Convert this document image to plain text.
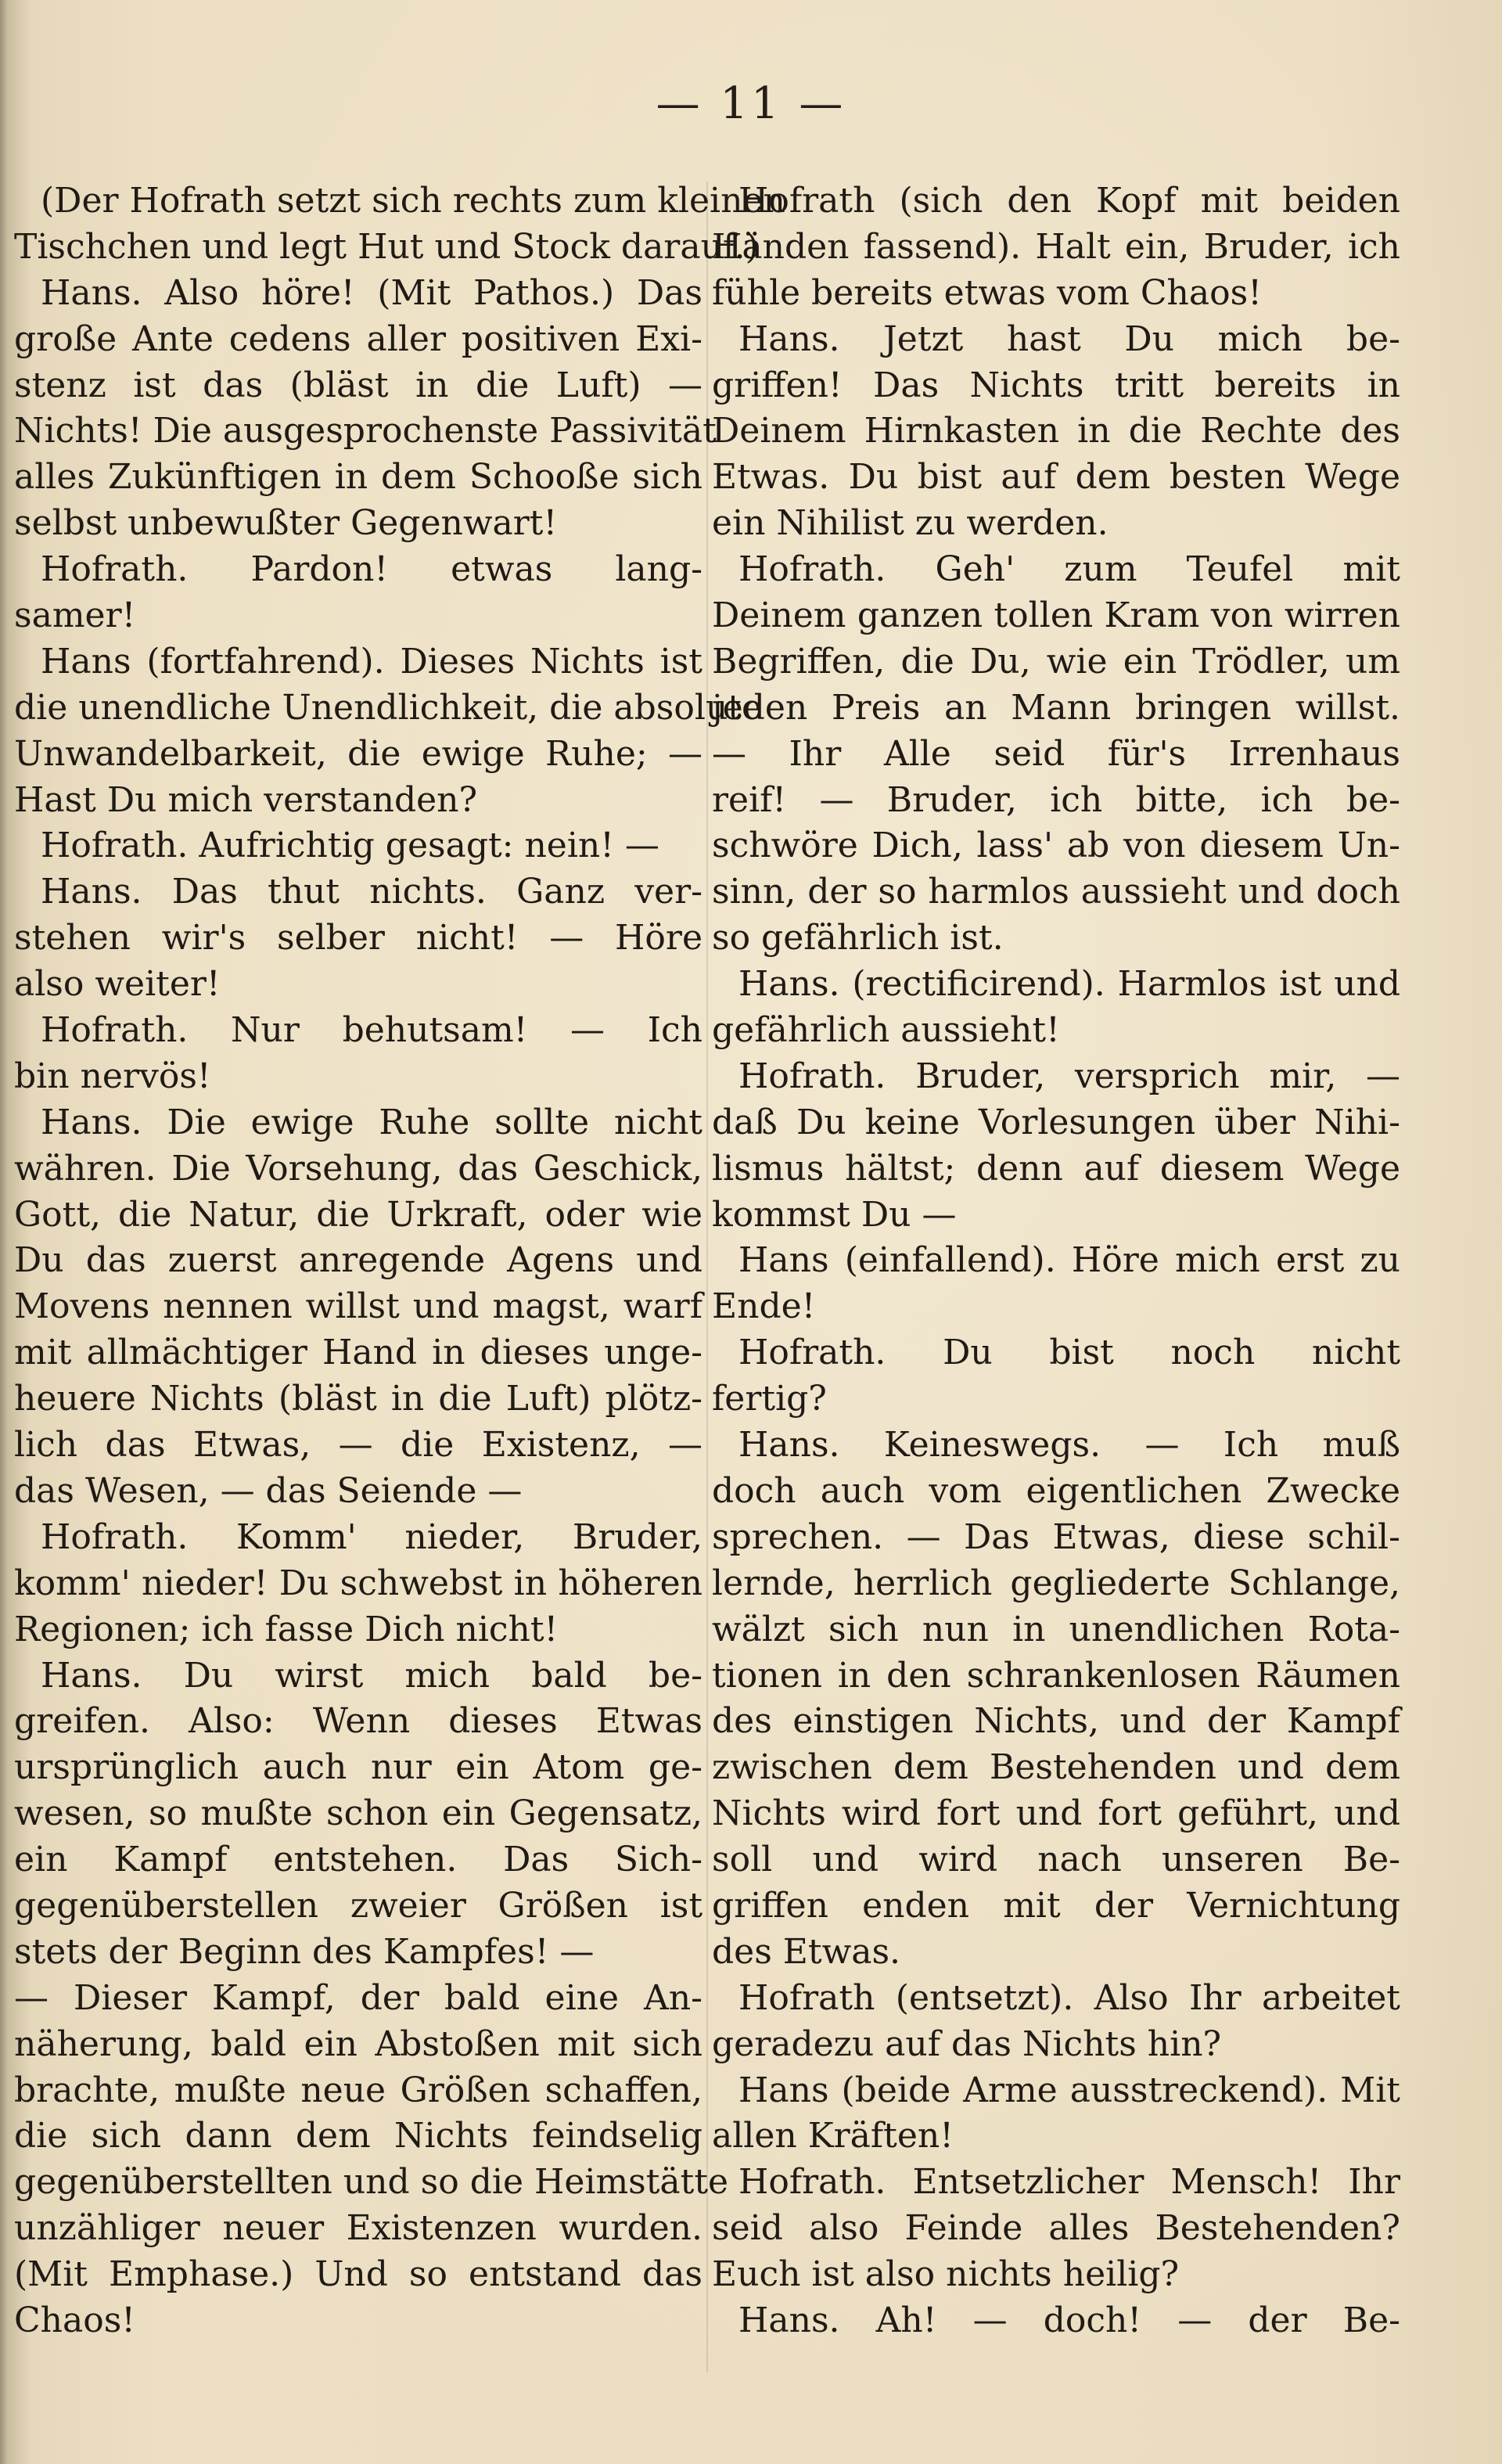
— 11 —
(Der Hofrath setzt sich rechts zum kleinen
Tischchen und legt Hut und Stock darauf.)
Hans. Also höre! (Mit Pathos.) Das
große Ante cedens aller positiven Exi-
stenz ist das (bläst in die Luft) —
Nichts! Die ausgesprochenste Passivität
alles Zukünftigen in dem Schooße sich
selbst unbewußter Gegenwart!
Hofrath. Pardon! etwas lang-
samer!
Hans (fortfahrend). Dieses Nichts ist
die unendliche Unendlichkeit, die absolute
Unwandelbarkeit, die ewige Ruhe; —
Hast Du mich verstanden?
Hofrath. Aufrichtig gesagt: nein! —
Hans. Das thut nichts. Ganz ver-
stehen wir's selber nicht! — Höre
also weiter!
Hofrath. Nur behutsam! — Ich
bin nervös!
Hans. Die ewige Ruhe sollte nicht
währen. Die Vorsehung, das Geschick,
Gott, die Natur, die Urkraft, oder wie
Du das zuerst anregende Agens und
Movens nennen willst und magst, warf
mit allmächtiger Hand in dieses unge-
heuere Nichts (bläst in die Luft) plötz-
lich das Etwas, — die Existenz, —
das Wesen, — das Seiende —
Hofrath. Komm' nieder, Bruder,
komm' nieder! Du schwebst in höheren
Regionen; ich fasse Dich nicht!
Hans. Du wirst mich bald be-
greifen. Also: Wenn dieses Etwas
ursprünglich auch nur ein Atom ge-
wesen, so mußte schon ein Gegensatz,
ein Kampf entstehen. Das Sich-
gegenüberstellen zweier Größen ist
stets der Beginn des Kampfes! —
— Dieser Kampf, der bald eine An-
näherung, bald ein Abstoßen mit sich
brachte, mußte neue Größen schaffen,
die sich dann dem Nichts feindselig
gegenüberstellten und so die Heimstätte
unzähliger neuer Existenzen wurden.
(Mit Emphase.) Und so entstand das
Chaos!
Hofrath (sich den Kopf mit beiden
Händen fassend). Halt ein, Bruder, ich
fühle bereits etwas vom Chaos!
Hans. Jetzt hast Du mich be-
griffen! Das Nichts tritt bereits in
Deinem Hirnkasten in die Rechte des
Etwas. Du bist auf dem besten Wege
ein Nihilist zu werden.
Hofrath. Geh' zum Teufel mit
Deinem ganzen tollen Kram von wirren
Begriffen, die Du, wie ein Trödler, um
jeden Preis an Mann bringen willst.
— Ihr Alle seid für's Irrenhaus
reif! — Bruder, ich bitte, ich be-
schwöre Dich, lass' ab von diesem Un-
sinn, der so harmlos aussieht und doch
so gefährlich ist.
Hans. (rectificirend). Harmlos ist und
gefährlich aussieht!
Hofrath. Bruder, versprich mir, —
daß Du keine Vorlesungen über Nihi-
lismus hältst; denn auf diesem Wege
kommst Du —
Hans (einfallend). Höre mich erst zu
Ende!
Hofrath. Du bist noch nicht
fertig?
Hans. Keineswegs. — Ich muß
doch auch vom eigentlichen Zwecke
sprechen. — Das Etwas, diese schil-
lernde, herrlich gegliederte Schlange,
wälzt sich nun in unendlichen Rota-
tionen in den schrankenlosen Räumen
des einstigen Nichts, und der Kampf
zwischen dem Bestehenden und dem
Nichts wird fort und fort geführt, und
soll und wird nach unseren Be-
griffen enden mit der Vernichtung
des Etwas.
Hofrath (entsetzt). Also Ihr arbeitet
geradezu auf das Nichts hin?
Hans (beide Arme ausstreckend). Mit
allen Kräften!
Hofrath. Entsetzlicher Mensch! Ihr
seid also Feinde alles Bestehenden?
Euch ist also nichts heilig?
Hans. Ah! — doch! — der Be-
